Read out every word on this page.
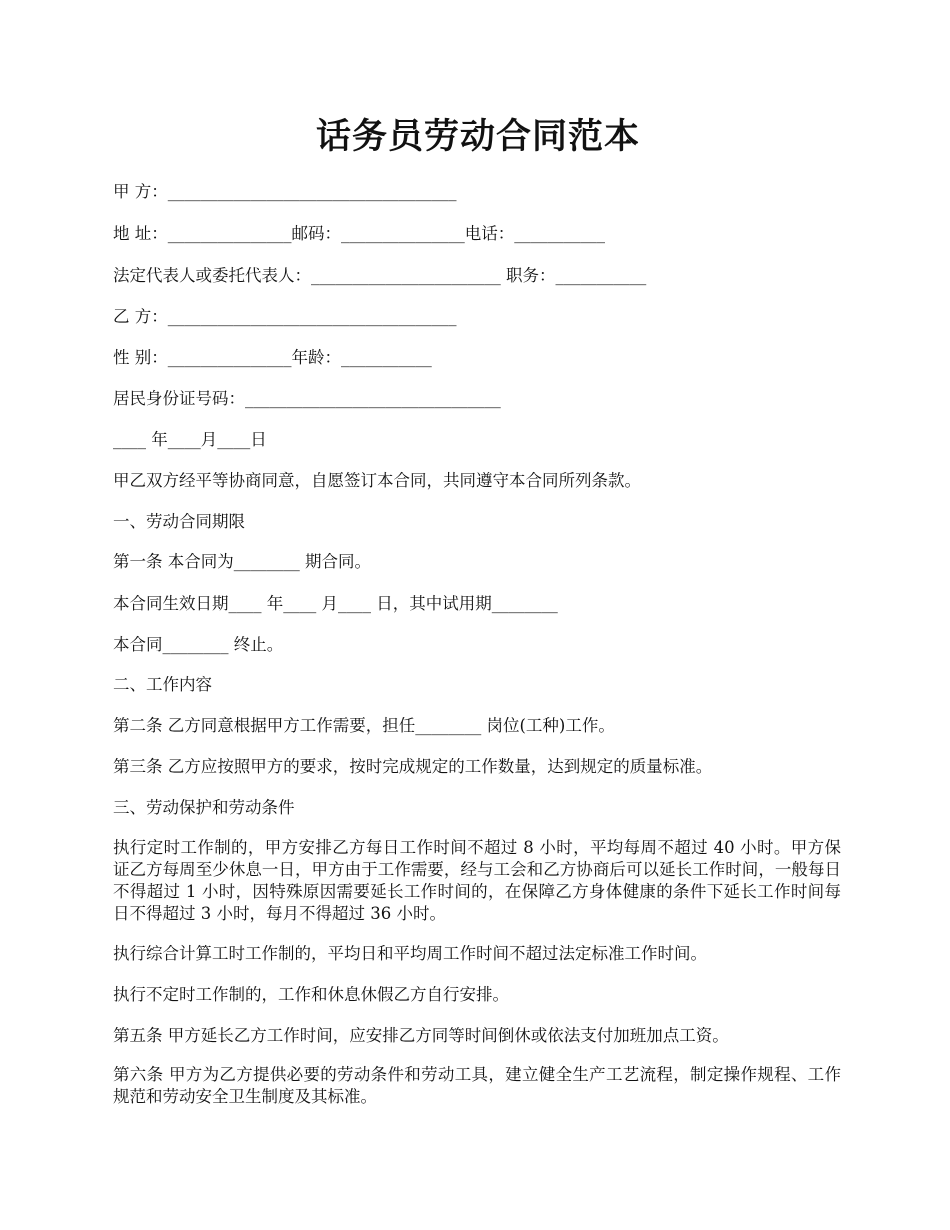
话务员劳动合同范本
甲 方：___________________________________
地 址：_______________邮码：_______________电话：___________
法定代表人或委托代表人：_______________________ 职务：___________
乙 方：___________________________________
性 别：_______________年龄：___________
居民身份证号码：_______________________________
____ 年____月____日
甲乙双方经平等协商同意，自愿签订本合同，共同遵守本合同所列条款。
一、劳动合同期限
第一条 本合同为________ 期合同。
本合同生效日期____ 年____ 月____ 日，其中试用期________
本合同________ 终止。
二、工作内容
第二条 乙方同意根据甲方工作需要，担任________ 岗位(工种)工作。
第三条 乙方应按照甲方的要求，按时完成规定的工作数量，达到规定的质量标准。
三、劳动保护和劳动条件
执行定时工作制的，甲方安排乙方每日工作时间不超过 8 小时，平均每周不超过 40 小时。甲方保证乙方每周至少休息一日，甲方由于工作需要，经与工会和乙方协商后可以延长工作时间，一般每日不得超过 1 小时，因特殊原因需要延长工作时间的，在保障乙方身体健康的条件下延长工作时间每日不得超过 3 小时，每月不得超过 36 小时。
执行综合计算工时工作制的，平均日和平均周工作时间不超过法定标准工作时间。
执行不定时工作制的，工作和休息休假乙方自行安排。
第五条 甲方延长乙方工作时间，应安排乙方同等时间倒休或依法支付加班加点工资。
第六条 甲方为乙方提供必要的劳动条件和劳动工具，建立健全生产工艺流程，制定操作规程、工作规范和劳动安全卫生制度及其标准。
